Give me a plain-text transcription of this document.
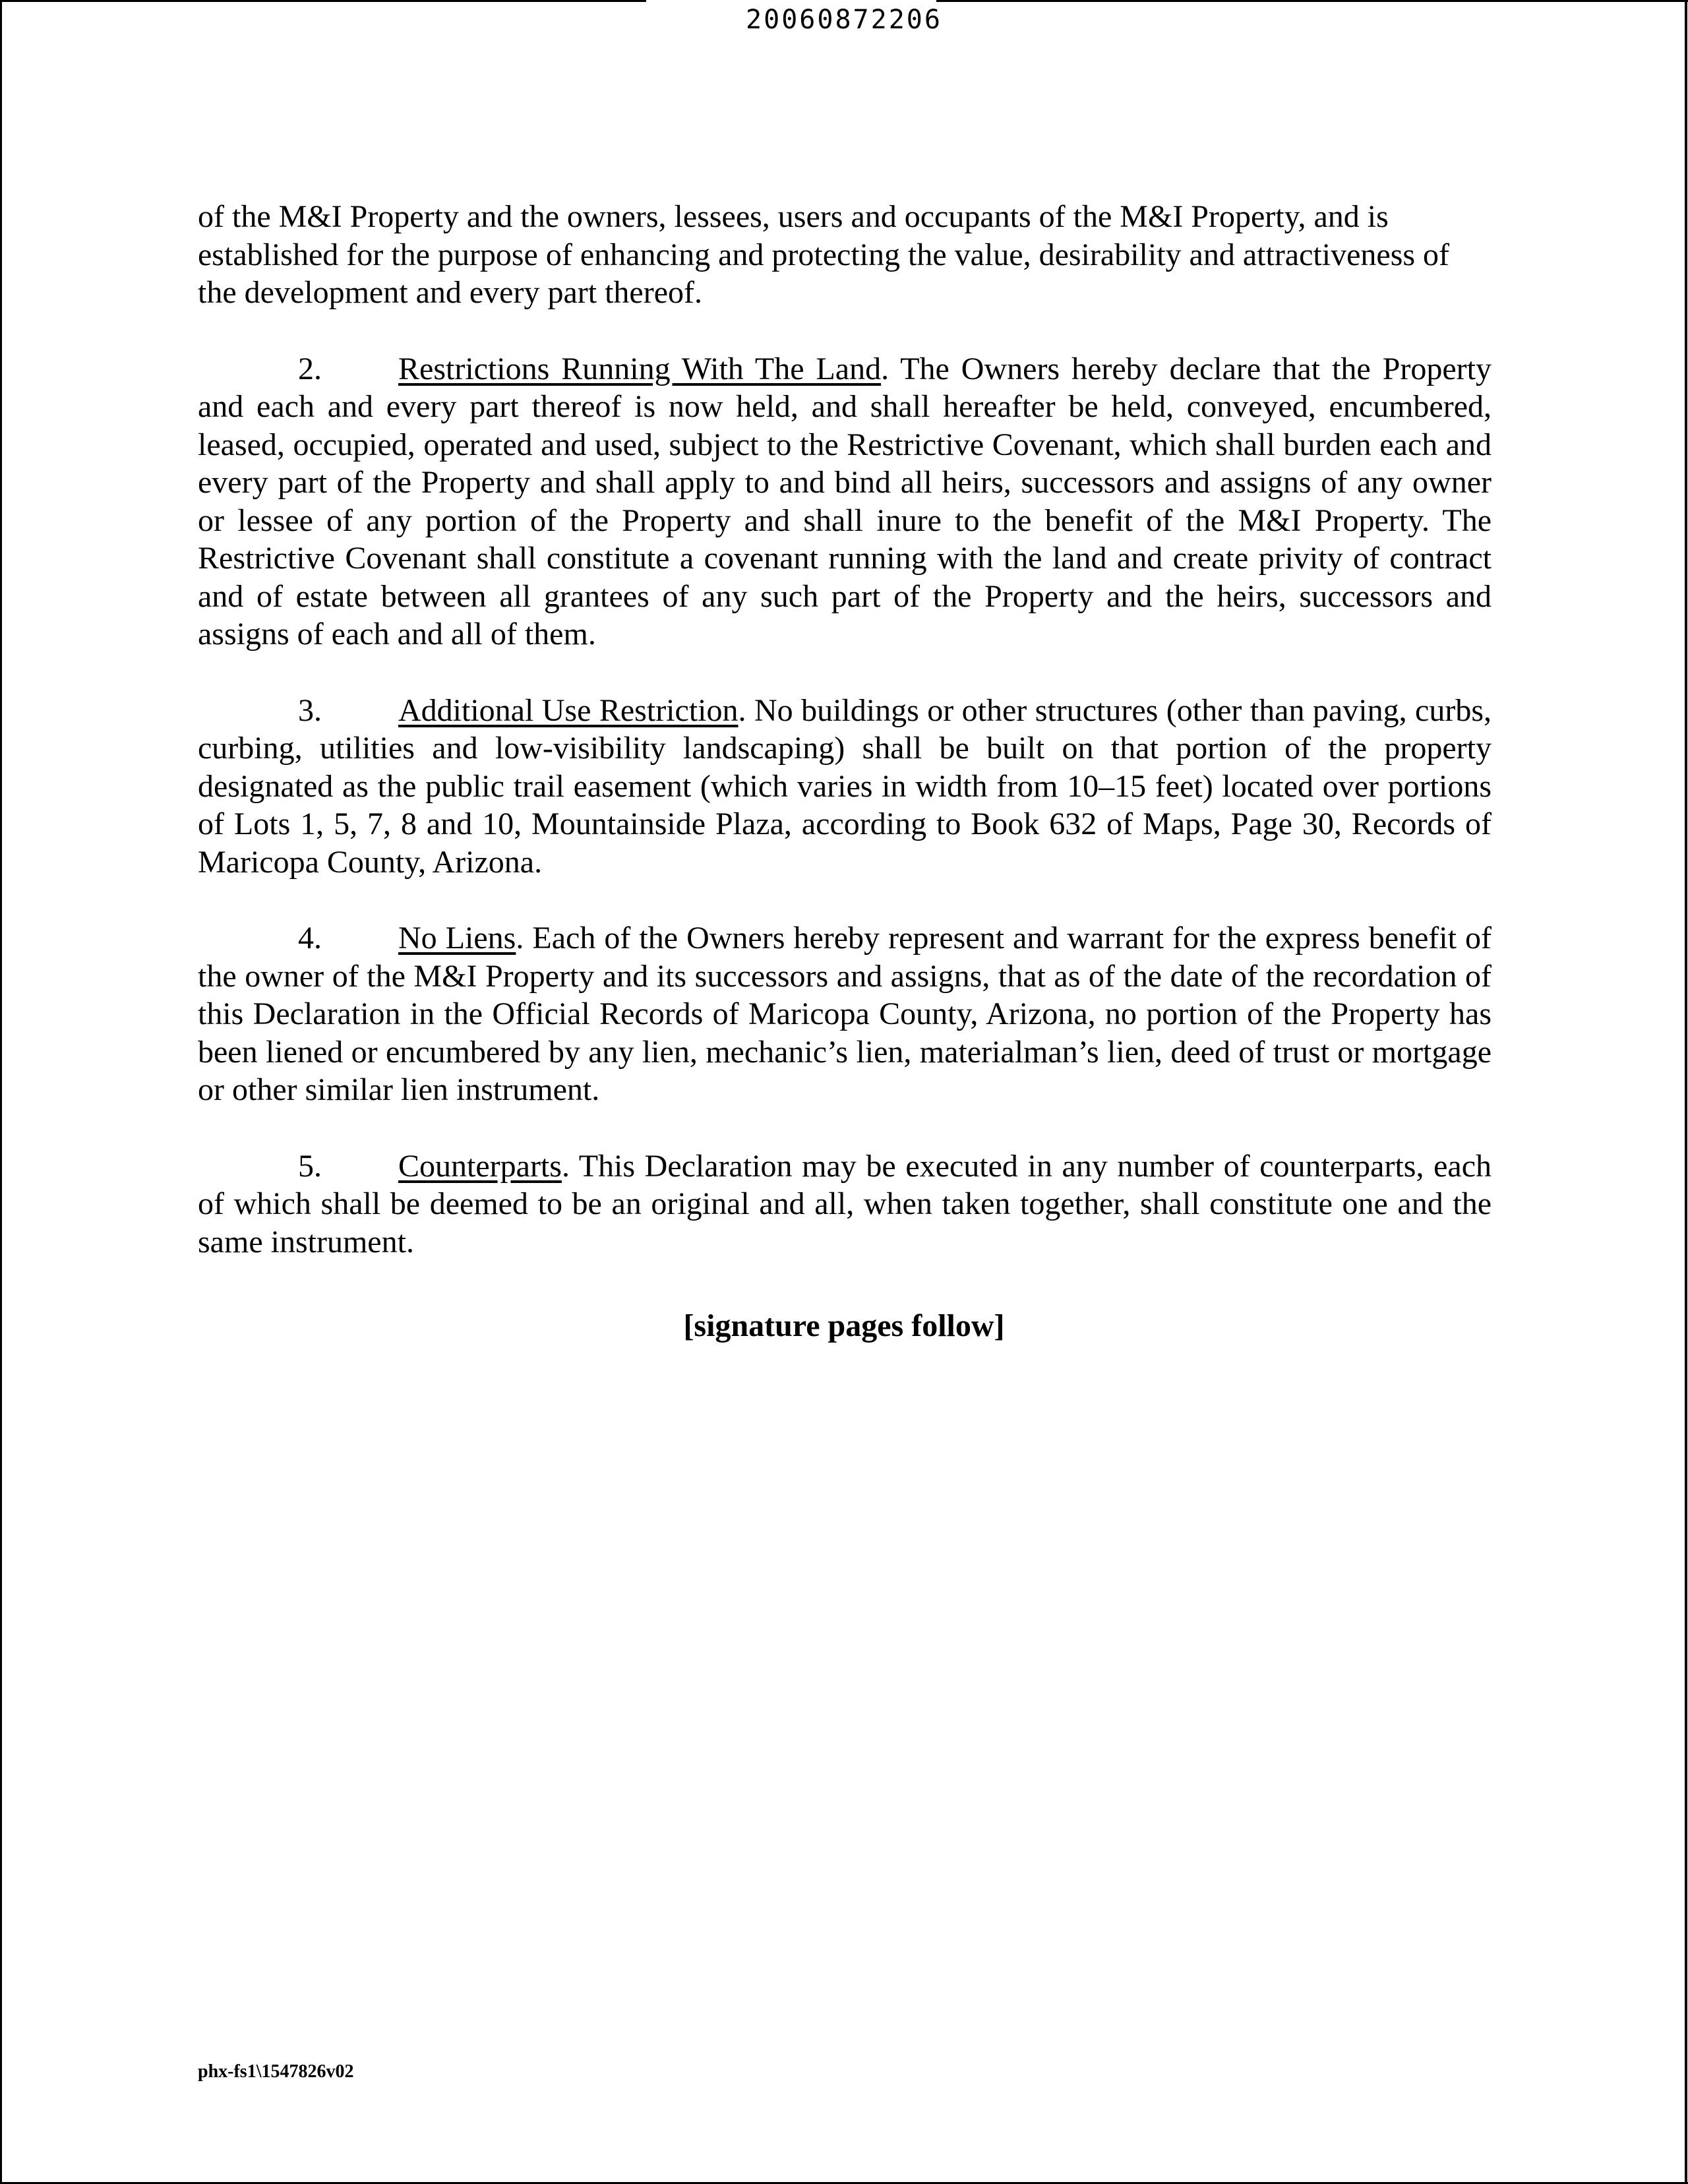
20060872206

of the M&I Property and the owners, lessees, users and occupants of the M&I Property, and is established for the purpose of enhancing and protecting the value, desirability and attractiveness of the development and every part thereof.

2. Restrictions Running With The Land. The Owners hereby declare that the Property and each and every part thereof is now held, and shall hereafter be held, conveyed, encumbered, leased, occupied, operated and used, subject to the Restrictive Covenant, which shall burden each and every part of the Property and shall apply to and bind all heirs, successors and assigns of any owner or lessee of any portion of the Property and shall inure to the benefit of the M&I Property. The Restrictive Covenant shall constitute a covenant running with the land and create privity of contract and of estate between all grantees of any such part of the Property and the heirs, successors and assigns of each and all of them.

3. Additional Use Restriction. No buildings or other structures (other than paving, curbs, curbing, utilities and low-visibility landscaping) shall be built on that portion of the property designated as the public trail easement (which varies in width from 10–15 feet) located over portions of Lots 1, 5, 7, 8 and 10, Mountainside Plaza, according to Book 632 of Maps, Page 30, Records of Maricopa County, Arizona.

4. No Liens. Each of the Owners hereby represent and warrant for the express benefit of the owner of the M&I Property and its successors and assigns, that as of the date of the recordation of this Declaration in the Official Records of Maricopa County, Arizona, no portion of the Property has been liened or encumbered by any lien, mechanic’s lien, materialman’s lien, deed of trust or mortgage or other similar lien instrument.

5. Counterparts. This Declaration may be executed in any number of counterparts, each of which shall be deemed to be an original and all, when taken together, shall constitute one and the same instrument.

[signature pages follow]
phx-fs1\1547826v02
